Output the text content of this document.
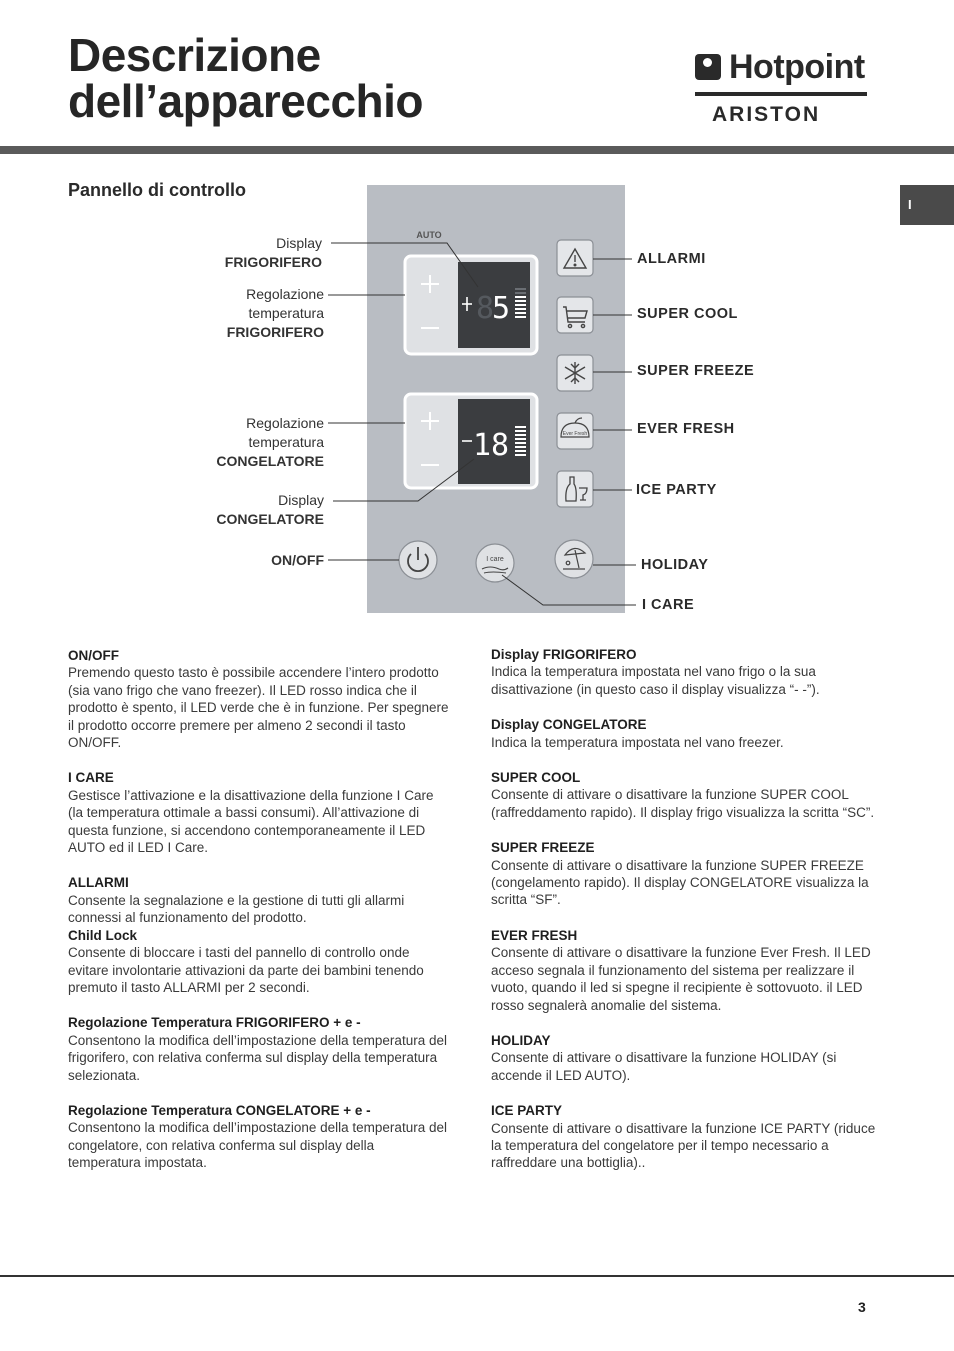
Descrizione
dell’apparecchio
Hotpoint
ARISTON
I
Pannello di controllo
AUTO
8
5
18	Ever Fresh
I care
Display
FRIGORIFERO
Regolazione
temperatura
FRIGORIFERO
Regolazione
temperatura
CONGELATORE
Display
CONGELATORE
ON/OFF
ALLARMI
SUPER COOL
SUPER FREEZE
EVER FRESH
ICE PARTY
HOLIDAY
I CARE
ON/OFF

Premendo questo tasto è possibile accendere l’intero prodotto (sia vano frigo che vano freezer). Il LED rosso indica che il prodotto è spento, il LED verde che è in funzione. Per spegnere il prodotto occorre premere per almeno 2 secondi il tasto ON/OFF.

I CARE

Gestisce l’attivazione e la disattivazione della funzione I Care (la temperatura ottimale a bassi consumi). All’attivazione di questa funzione, si accendono contemporaneamente il LED AUTO ed il LED I Care.

ALLARMI

Consente la segnalazione e la gestione di tutti gli allarmi connessi al funzionamento del prodotto.

Child Lock

Consente di bloccare i tasti del pannello di controllo onde evitare involontarie attivazioni da parte dei bambini tenendo premuto il tasto ALLARMI per 2 secondi.

Regolazione Temperatura FRIGORIFERO + e -

Consentono la modifica dell’impostazione della temperatura del frigorifero, con relativa conferma sul display della temperatura selezionata.

Regolazione Temperatura CONGELATORE + e -

Consentono la modifica dell’impostazione della temperatura del congelatore, con relativa conferma sul display della temperatura impostata.

Display FRIGORIFERO

Indica la temperatura impostata nel vano frigo o la sua disattivazione (in questo caso il display visualizza “- -”).

Display CONGELATORE

Indica la temperatura impostata nel vano freezer.

SUPER COOL

Consente di attivare o disattivare la funzione SUPER COOL (raffreddamento rapido). Il display frigo visualizza la scritta “SC”.

SUPER FREEZE

Consente di attivare o disattivare la funzione SUPER FREEZE (congelamento rapido). Il display CONGELATORE visualizza la scritta “SF”.

EVER FRESH

Consente di attivare o disattivare la funzione Ever Fresh. Il LED acceso segnala il funzionamento del sistema per realizzare il vuoto, quando il led si spegne il recipiente è sottovuoto. il LED rosso segnalerà anomalie del sistema.

HOLIDAY

Consente di attivare o disattivare la funzione HOLIDAY (si accende il LED AUTO).

ICE PARTY

Consente di attivare o disattivare la funzione ICE PARTY (riduce la temperatura del congelatore per il tempo necessario a raffreddare una bottiglia)..

3
